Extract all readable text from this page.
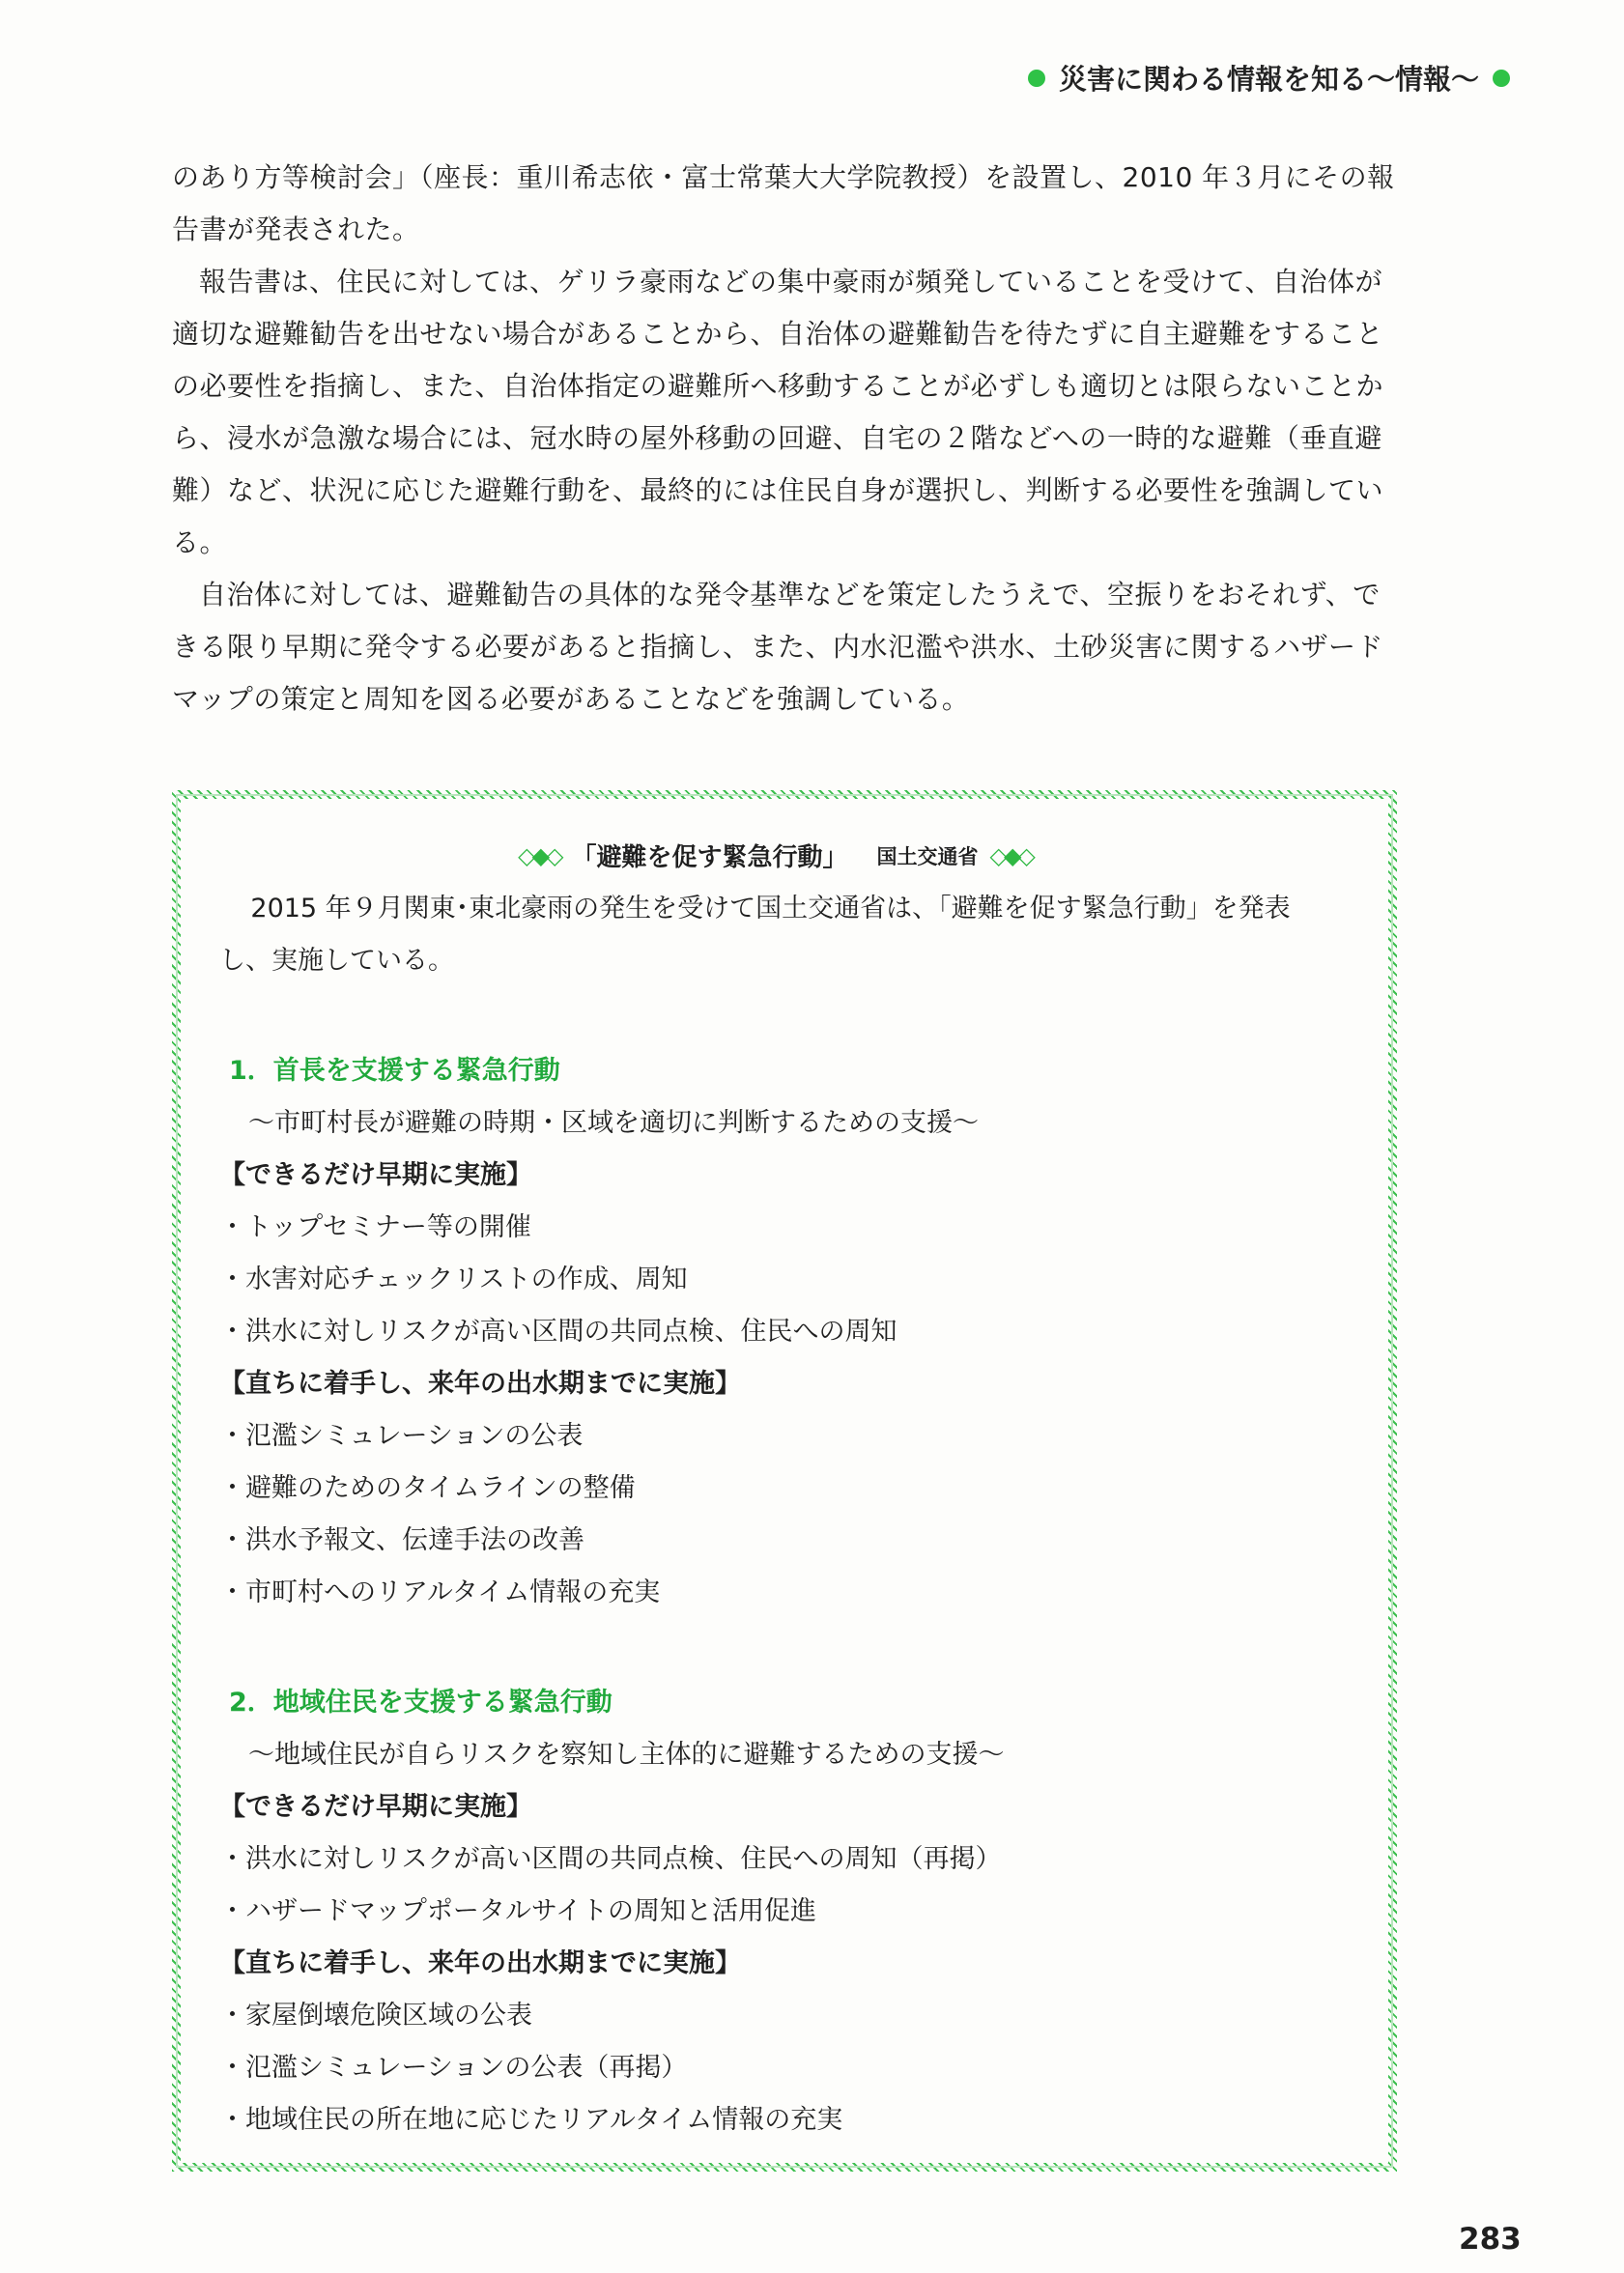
災害に関わる情報を知る〜情報〜

のあり方等検討会」（座長：重川希志依・富士常葉大大学院教授）を設置し、2010 年３月にその報告書が発表された。

報告書は、住民に対しては、ゲリラ豪雨などの集中豪雨が頻発していることを受けて、自治体が適切な避難勧告を出せない場合があることから、自治体の避難勧告を待たずに自主避難をすることの必要性を指摘し、また、自治体指定の避難所へ移動することが必ずしも適切とは限らないことから、浸水が急激な場合には、冠水時の屋外移動の回避、自宅の２階などへの一時的な避難（垂直避難）など、状況に応じた避難行動を、最終的には住民自身が選択し、判断する必要性を強調している。

自治体に対しては、避難勧告の具体的な発令基準などを策定したうえで、空振りをおそれず、できる限り早期に発令する必要があると指摘し、また、内水氾濫や洪水、土砂災害に関するハザードマップの策定と周知を図る必要があることなどを強調している。

◇◆◇ 「避難を促す緊急行動」 国土交通省 ◇◆◇

2015 年９月関東･東北豪雨の発生を受けて国土交通省は、「避難を促す緊急行動」を発表し、実施している。

1．首長を支援する緊急行動

〜市町村長が避難の時期・区域を適切に判断するための支援〜

【できるだけ早期に実施】

・トップセミナー等の開催
・水害対応チェックリストの作成、周知
・洪水に対しリスクが高い区間の共同点検、住民への周知

【直ちに着手し、来年の出水期までに実施】

・氾濫シミュレーションの公表
・避難のためのタイムラインの整備
・洪水予報文、伝達手法の改善
・市町村へのリアルタイム情報の充実
2．地域住民を支援する緊急行動

〜地域住民が自らリスクを察知し主体的に避難するための支援〜

【できるだけ早期に実施】

・洪水に対しリスクが高い区間の共同点検、住民への周知（再掲）
・ハザードマップポータルサイトの周知と活用促進

【直ちに着手し、来年の出水期までに実施】

・家屋倒壊危険区域の公表
・氾濫シミュレーションの公表（再掲）
・地域住民の所在地に応じたリアルタイム情報の充実
283
